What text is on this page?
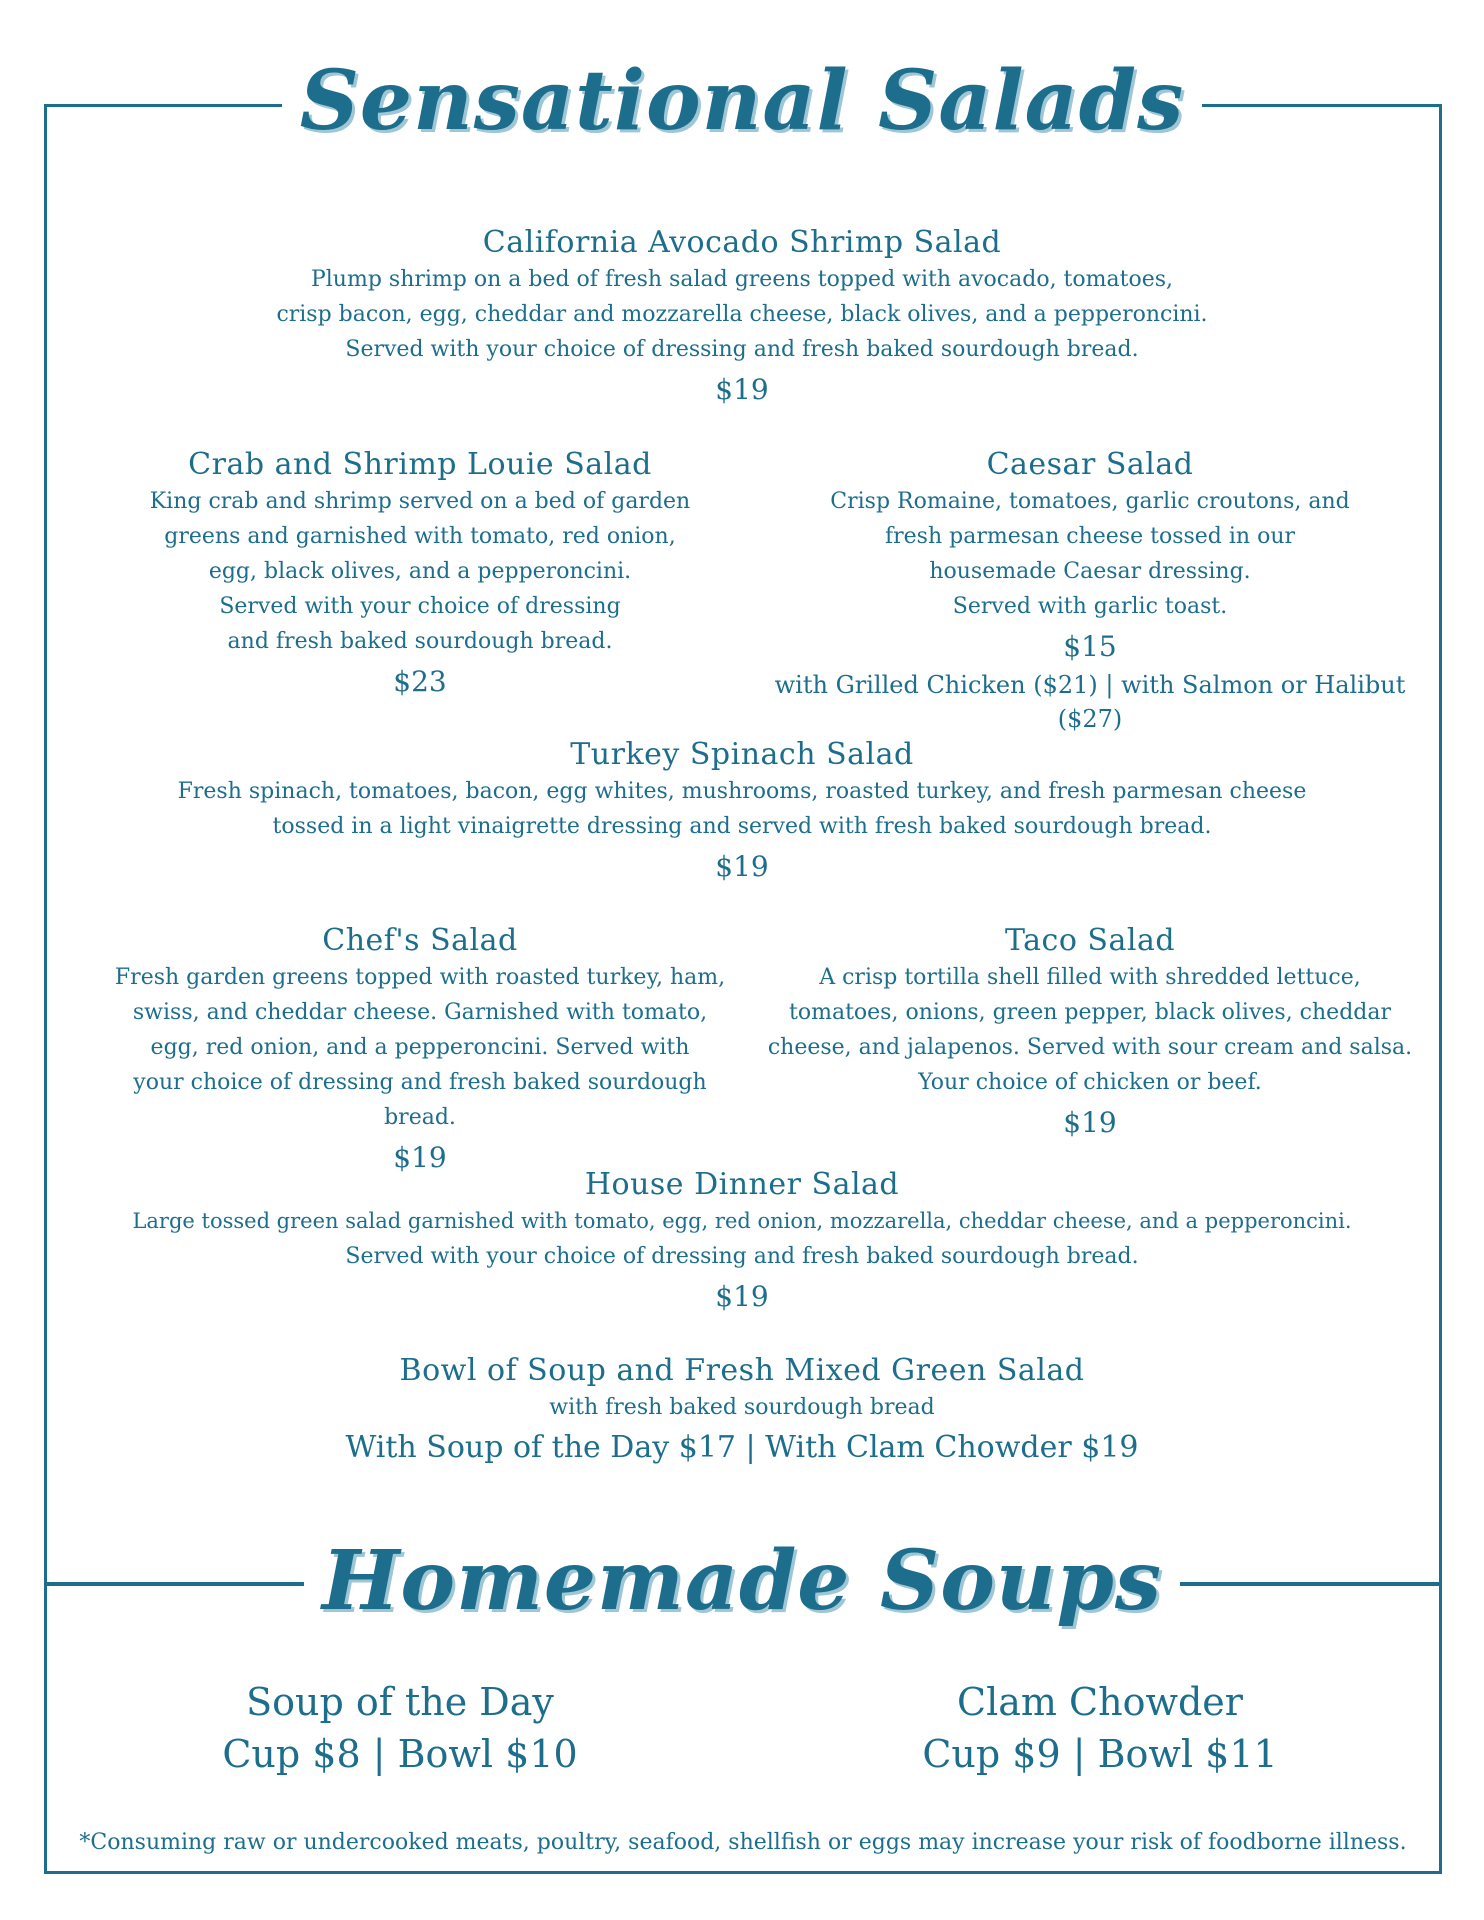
Sensational Salads
California Avocado Shrimp Salad
Plump shrimp on a bed of fresh salad greens topped with avocado, tomatoes,
crisp bacon, egg, cheddar and mozzarella cheese, black olives, and a pepperoncini.
Served with your choice of dressing and fresh baked sourdough bread.
$19
Crab and Shrimp Louie Salad
King crab and shrimp served on a bed of garden
greens and garnished with tomato, red onion,
egg, black olives, and a pepperoncini.
Served with your choice of dressing
and fresh baked sourdough bread.
$23
Caesar Salad
Crisp Romaine, tomatoes, garlic croutons, and
fresh parmesan cheese tossed in our
housemade Caesar dressing.
Served with garlic toast.
$15
with Grilled Chicken ($21) | with Salmon or Halibut ($27)
Turkey Spinach Salad
Fresh spinach, tomatoes, bacon, egg whites, mushrooms, roasted turkey, and fresh parmesan cheese
tossed in a light vinaigrette dressing and served with fresh baked sourdough bread.
$19
Chef's Salad
Fresh garden greens topped with roasted turkey, ham,
swiss, and cheddar cheese. Garnished with tomato,
egg, red onion, and a pepperoncini. Served with
your choice of dressing and fresh baked sourdough bread.
$19
Taco Salad
A crisp tortilla shell filled with shredded lettuce,
tomatoes, onions, green pepper, black olives, cheddar
cheese, and jalapenos. Served with sour cream and salsa.
Your choice of chicken or beef.
$19
House Dinner Salad
Large tossed green salad garnished with tomato, egg, red onion, mozzarella, cheddar cheese, and a pepperoncini.
Served with your choice of dressing and fresh baked sourdough bread.
$19
Bowl of Soup and Fresh Mixed Green Salad
with fresh baked sourdough bread
With Soup of the Day $17 | With Clam Chowder $19
Homemade Soups
Soup of the Day
Cup $8 | Bowl $10
Clam Chowder
Cup $9 | Bowl $11
*Consuming raw or undercooked meats, poultry, seafood, shellfish or eggs may increase your risk of foodborne illness.
